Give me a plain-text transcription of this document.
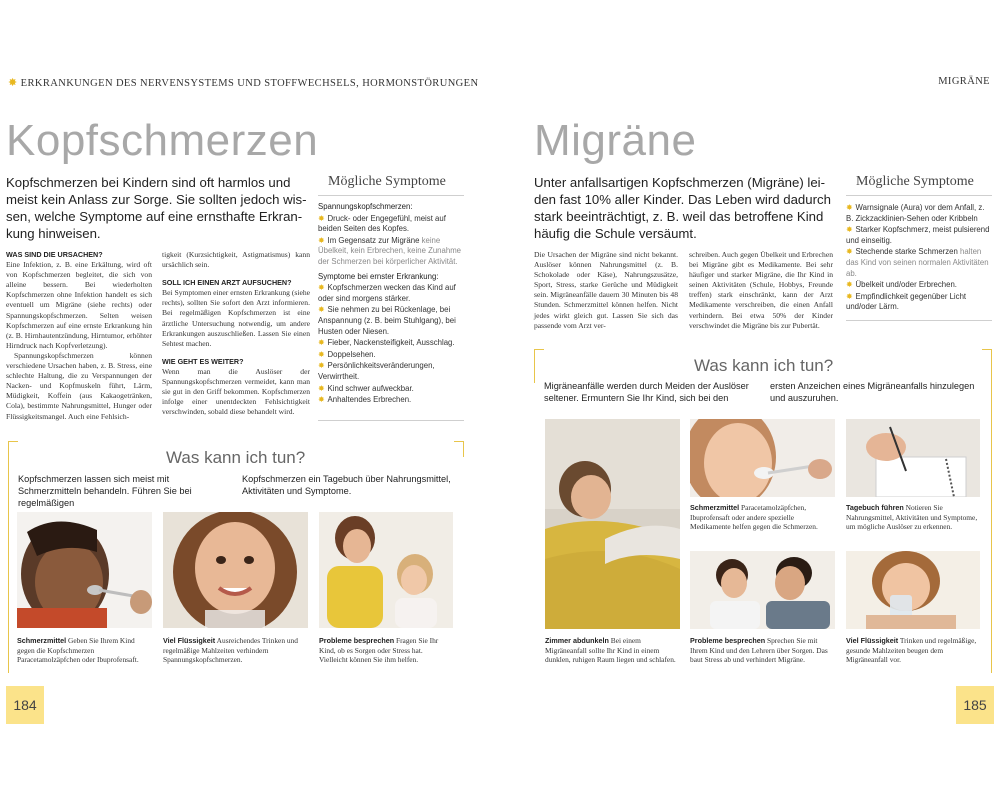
✸ ERKRANKUNGEN DES NERVENSYSTEMS UND STOFFWECHSELS, HORMONSTÖRUNGEN
Kopfschmerzen
Kopfschmerzen bei Kindern sind oft harmlos und
meist kein Anlass zur Sorge. Sie sollten jedoch wis-
sen, welche Symptome auf eine ernsthafte Erkran-
kung hinweisen.
WAS SIND DIE URSACHEN?

Eine Infektion, z. B. eine Erkältung, wird oft von Kopfschmerzen begleitet, die sich von alleine bessern. Bei wiederholten Kopfschmerzen ohne Infektion handelt es sich eventuell um Migräne (siehe rechts) oder Spannungskopfschmerzen. Selten weisen Kopfschmerzen auf eine ernste Erkrankung hin (z. B. Hirnhautentzündung, Hirntumor, erhöhter Hirndruck nach Kopfverletzung).

Spannungskopfschmerzen können verschiedene Ursachen haben, z. B. Stress, eine schlechte Haltung, die zu Verspannungen der Nacken- und Kopfmuskeln führt, Lärm, Müdigkeit, Koffein (aus Kakaogetränken, Cola), bestimmte Nahrungsmittel, Hunger oder Flüssigkeitsmangel. Auch eine Fehlsich-

tigkeit (Kurzsichtigkeit, Astigmatismus) kann ursächlich sein.

SOLL ICH EINEN ARZT AUFSUCHEN?

Bei Symptomen einer ernsten Erkrankung (siehe rechts), sollten Sie sofort den Arzt informieren. Bei regelmäßigen Kopfschmerzen ist eine ärztliche Untersuchung notwendig, um andere Erkrankungen auszuschließen. Lassen Sie einen Sehtest machen.

WIE GEHT ES WEITER?

Wenn man die Auslöser der Spannungskopfschmerzen vermeidet, kann man sie gut in den Griff bekommen. Kopfschmerzen infolge einer unentdeckten Fehlsichtigkeit verschwinden, sobald diese behandelt wird.

Mögliche Symptome
Spannungskopfschmerzen:
✸ Druck- oder Engegefühl, meist auf beiden Seiten des Kopfes.
✸ Im Gegensatz zur Migräne keine Übelkeit, kein Erbrechen, keine Zunahme der Schmerzen bei körperlicher Aktivität.
Symptome bei ernster Erkrankung:
✸ Kopfschmerzen wecken das Kind auf oder sind morgens stärker.
✸ Sie nehmen zu bei Rückenlage, bei Anspannung (z. B. beim Stuhlgang), bei Husten oder Niesen.
✸ Fieber, Nackensteifigkeit, Ausschlag.
✸ Doppelsehen.
✸ Persönlichkeitsveränderungen, Verwirrtheit.
✸ Kind schwer aufweckbar.
✸ Anhaltendes Erbrechen.
Was kann ich tun?
Kopfschmerzen lassen sich meist mit Schmerzmitteln behandeln. Führen Sie bei regelmäßigen
Kopfschmerzen ein Tagebuch über Nahrungsmittel, Aktivitäten und Symptome.
Schmerzmittel Geben Sie Ihrem Kind gegen die Kopfschmerzen Paracetamolzäpfchen oder Ibuprofensaft.
Viel Flüssigkeit Ausreichendes Trinken und regelmäßige Mahlzeiten verhindern Spannungskopfschmerzen.
Probleme besprechen Fragen Sie Ihr Kind, ob es Sorgen oder Stress hat. Vielleicht können Sie ihm helfen.
184
MIGRÄNE
Migräne
Unter anfallsartigen Kopfschmerzen (Migräne) lei-
den fast 10% aller Kinder. Das Leben wird dadurch
stark beeinträchtigt, z. B. weil das betroffene Kind
häufig die Schule versäumt.

Die Ursachen der Migräne sind nicht bekannt. Auslöser können Nahrungsmittel (z. B. Schokolade oder Käse), Nahrungszusätze, Sport, Stress, starke Gerüche und Müdigkeit sein. Migräneanfälle dauern 30 Minuten bis 48 Stunden. Schmerzmittel können helfen. Nicht jedes wirkt gleich gut. Lassen Sie sich das passende vom Arzt ver-

schreiben. Auch gegen Übelkeit und Erbrechen bei Migräne gibt es Medikamente. Bei sehr häufiger und starker Migräne, die Ihr Kind in seinen Aktivitäten (Schule, Hobbys, Freunde treffen) stark einschränkt, kann der Arzt Medikamente verschreiben, die einen Anfall verhindern. Bei etwa 50% der Kinder verschwindet die Migräne bis zur Pubertät.

Mögliche Symptome
✸ Warnsignale (Aura) vor dem Anfall, z. B. Zickzacklinien-Sehen oder Kribbeln
✸ Starker Kopfschmerz, meist pulsierend und einseitig.
✸ Stechende starke Schmerzen halten das Kind von seinen normalen Aktivitäten ab.
✸ Übelkeit und/oder Erbrechen.
✸ Empfindlichkeit gegenüber Licht und/oder Lärm.
Was kann ich tun?
Migräneanfälle werden durch Meiden der Auslöser seltener. Ermuntern Sie Ihr Kind, sich bei den
ersten Anzeichen eines Migräneanfalls hinzulegen und auszuruhen.
Zimmer abdunkeln Bei einem Migräneanfall sollte Ihr Kind in einem dunklen, ruhigen Raum liegen und schlafen.
Schmerzmittel Paracetamolzäpfchen, Ibuprofensaft oder andere spezielle Medikamente helfen gegen die Schmerzen.
Tagebuch führen Notieren Sie Nahrungsmittel, Aktivitäten und Symptome, um mögliche Auslöser zu erkennen.
Probleme besprechen Sprechen Sie mit Ihrem Kind und den Lehrern über Sorgen. Das baut Stress ab und verhindert Migräne.
Viel Flüssigkeit Trinken und regelmäßige, gesunde Mahlzeiten beugen dem Migräneanfall vor.
185
